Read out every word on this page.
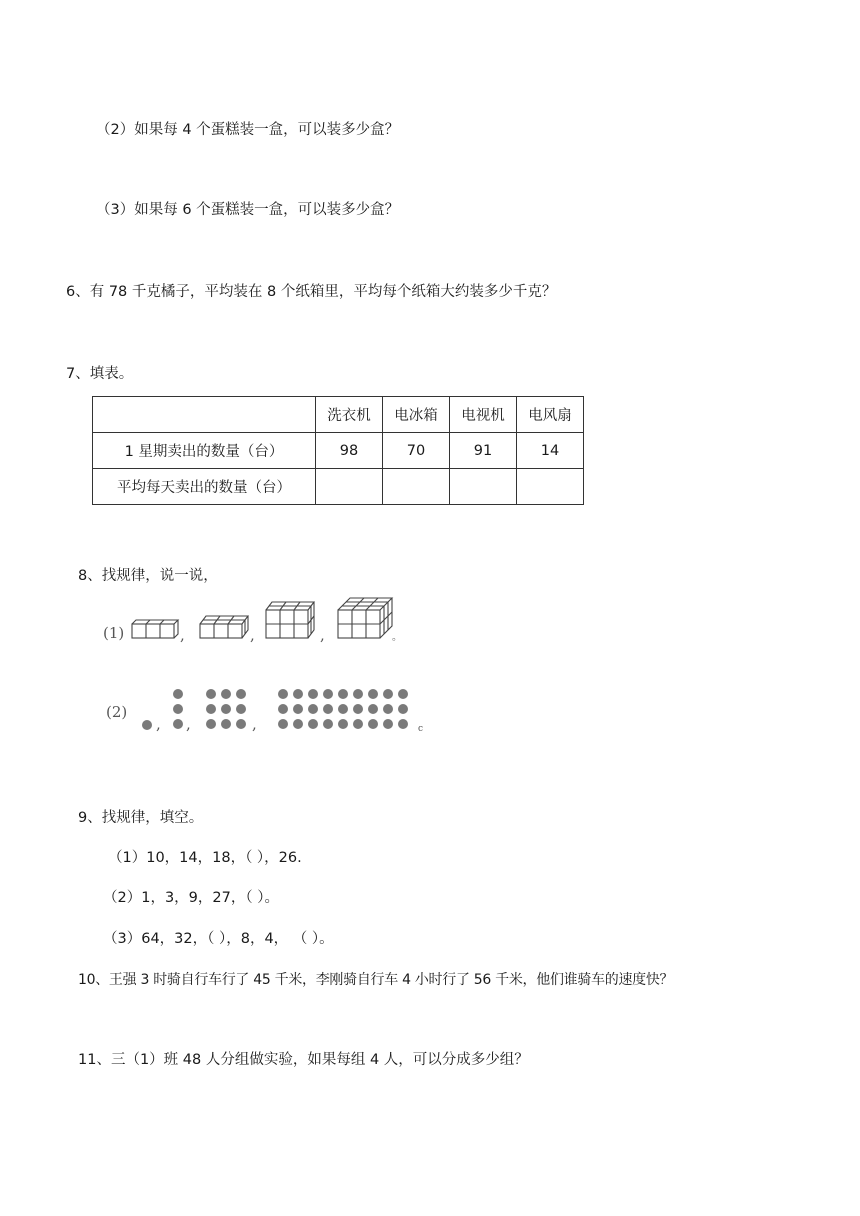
（2）如果每 4 个蛋糕装一盒，可以装多少盒？
（3）如果每 6 个蛋糕装一盒，可以装多少盒？
6、有 78 千克橘子，平均装在 8 个纸箱里，平均每个纸箱大约装多少千克？
7、填表。
	洗衣机	电冰箱	电视机	电风扇
1 星期卖出的数量（台）	98	70	91	14
平均每天卖出的数量（台）				
8、找规律，说一说，
(1)	,	,	,	。
(2)
, ,	,	c
9、找规律，填空。
（1）10，14，18，（ ），26.
（2）1，3，9，27，（ ）。
（3）64，32，（ ），8，4， （ ）。
10、王强 3 时骑自行车行了 45 千米，李刚骑自行车 4 小时行了 56 千米，他们谁骑车的速度快？
11、三（1）班 48 人分组做实验，如果每组 4 人，可以分成多少组？
